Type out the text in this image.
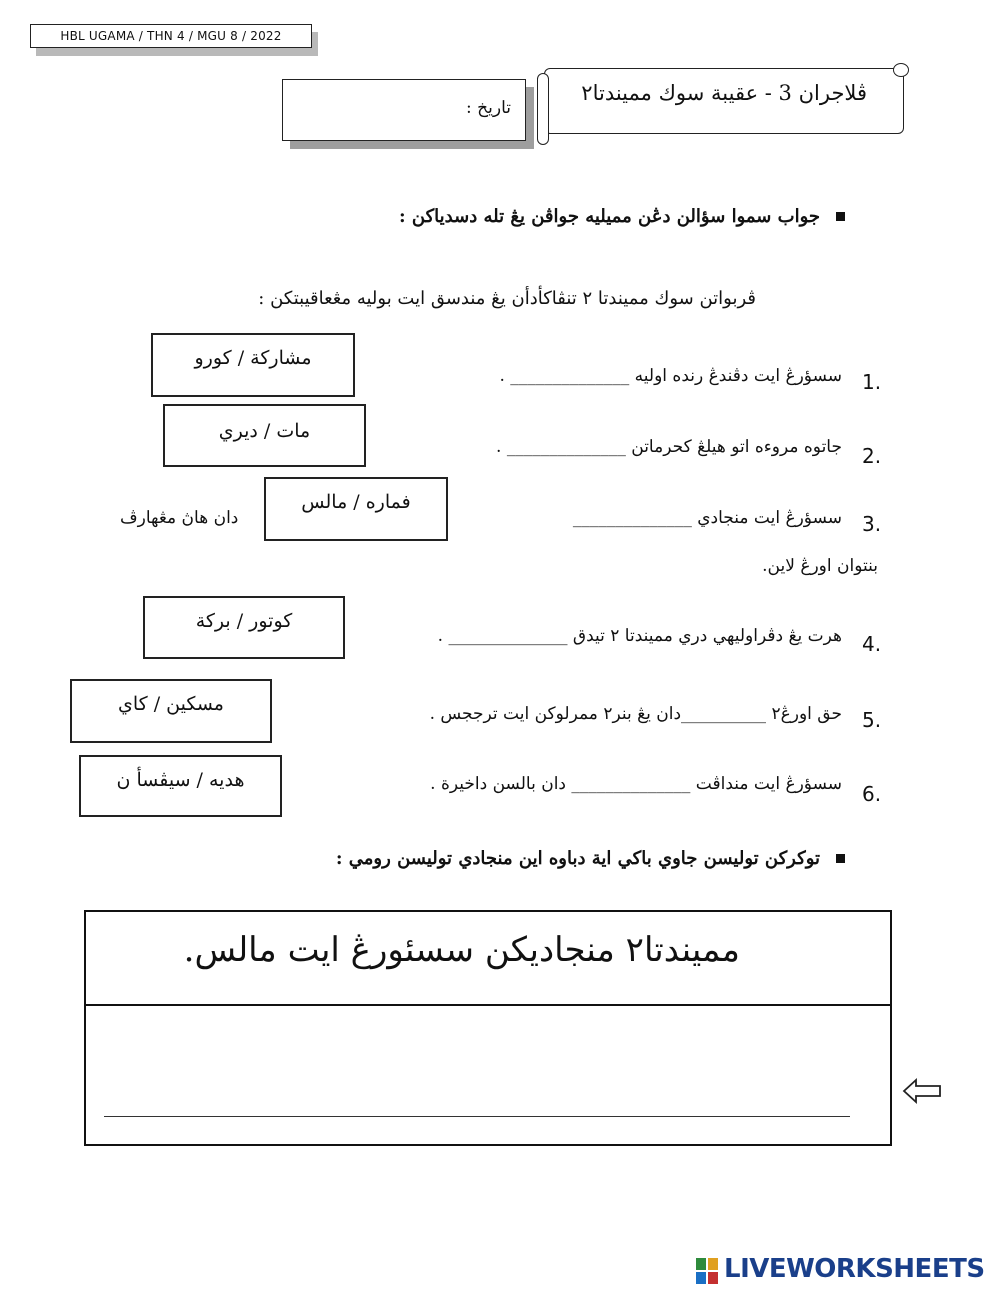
HBL UGAMA / THN 4 / MGU 8 / 2022
تاريخ :
ڤلاجران 3 - عقيبة سوك مميندتا٢
جواب سموا سؤالن دڠن مميليه جواڤن يڠ تله دسدياكن :
ڤربواتن سوك مميندتا ٢ تنڤاكأدأن يڠ مندسق ايت بوليه مڠعاقيبتكن :
1.
سسؤرڠ ايت دڤندڠ رنده اوليه ______________ .
مشاركة / كورو
2.
جاتوه مروءه اتو هيلڠ كحرماتن ______________ .
مات / ديري
3.
سسؤرڠ ايت منجادي ______________
دان هاڽ مڠهارڤ
بنتوان اورڠ لاين.
فماره / مالس
4.
هرت يڠ دڤراوليهي دري مميندتا ٢ تيدق ______________ .
كوتور / بركة
5.
حق اورڠ٢ __________دان يڠ بنر٢ ممرلوكن ايت ترججس .
مسكين / كاي
6.
سسؤرڠ ايت منداڤت ______________ دان بالسن داخيرة .
هديه / سيڤسأ ن
توكركن توليسن جاوي باكي اية دباوه اين منجادي توليسن رومي :
مميندتا٢ منجاديكن سسئورڠ ايت مالس.
LIVEWORKSHEETS
